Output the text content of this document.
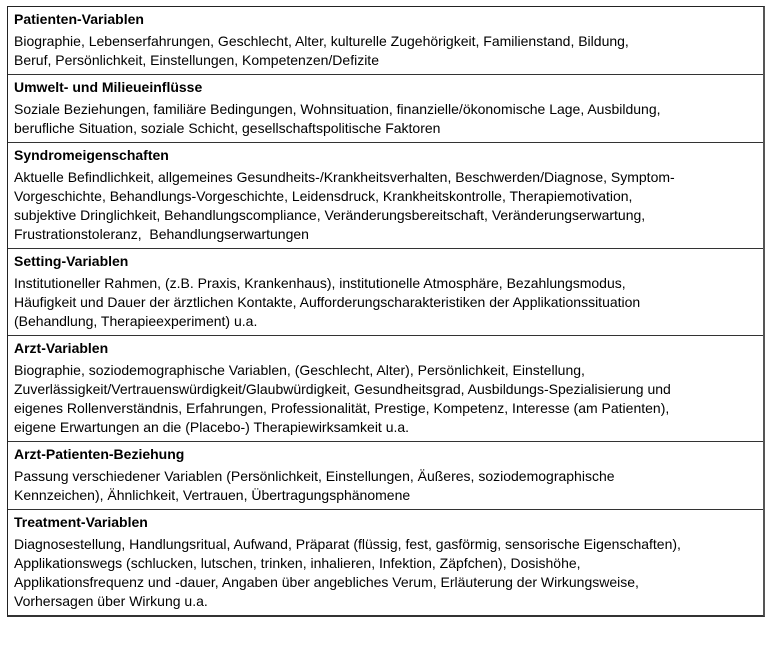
Patienten-Variablen
Biographie, Lebenserfahrungen, Geschlecht, Alter, kulturelle Zugehörigkeit, Familienstand, Bildung,
Beruf, Persönlichkeit, Einstellungen, Kompetenzen/Defizite
Umwelt- und Milieueinflüsse
Soziale Beziehungen, familiäre Bedingungen, Wohnsituation, finanzielle/ökonomische Lage, Ausbildung,
berufliche Situation, soziale Schicht, gesellschaftspolitische Faktoren
Syndromeigenschaften
Aktuelle Befindlichkeit, allgemeines Gesundheits-/Krankheitsverhalten, Beschwerden/Diagnose, Symptom-
Vorgeschichte, Behandlungs-Vorgeschichte, Leidensdruck, Krankheitskontrolle, Therapiemotivation,
subjektive Dringlichkeit, Behandlungscompliance, Veränderungsbereitschaft, Veränderungserwartung,
Frustrationstoleranz,  Behandlungserwartungen
Setting-Variablen
Institutioneller Rahmen, (z.B. Praxis, Krankenhaus), institutionelle Atmosphäre, Bezahlungsmodus,
Häufigkeit und Dauer der ärztlichen Kontakte, Aufforderungscharakteristiken der Applikationssituation
(Behandlung, Therapieexperiment) u.a.
Arzt-Variablen
Biographie, soziodemographische Variablen, (Geschlecht, Alter), Persönlichkeit, Einstellung,
Zuverlässigkeit/Vertrauenswürdigkeit/Glaubwürdigkeit, Gesundheitsgrad, Ausbildungs-Spezialisierung und
eigenes Rollenverständnis, Erfahrungen, Professionalität, Prestige, Kompetenz, Interesse (am Patienten),
eigene Erwartungen an die (Placebo-) Therapiewirksamkeit u.a.
Arzt-Patienten-Beziehung
Passung verschiedener Variablen (Persönlichkeit, Einstellungen, Äußeres, soziodemographische
Kennzeichen), Ähnlichkeit, Vertrauen, Übertragungsphänomene
Treatment-Variablen
Diagnosestellung, Handlungsritual, Aufwand, Präparat (flüssig, fest, gasförmig, sensorische Eigenschaften),
Applikationswegs (schlucken, lutschen, trinken, inhalieren, Infektion, Zäpfchen), Dosishöhe,
Applikationsfrequenz und -dauer, Angaben über angebliches Verum, Erläuterung der Wirkungsweise,
Vorhersagen über Wirkung u.a.
